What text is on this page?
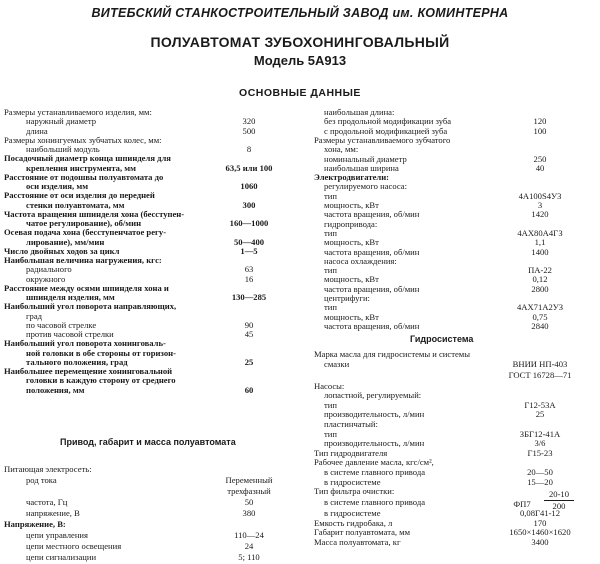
ВИТЕБСКИЙ СТАНКОСТРОИТЕЛЬНЫЙ ЗАВОД им. КОМИНТЕРНА
ПОЛУАВТОМАТ ЗУБОХОНИНГОВАЛЬНЫЙ
Модель 5А913
ОСНОВНЫЕ ДАННЫЕ
Размеры устанавливаемого изделия, мм:
наружный диаметр	320
длина	500
Размеры хонингуемых зубчатых колес, мм:
наибольший модуль	8
Посадочный диаметр конца шпинделя для
крепления инструмента, мм	63,5 или 100
Расстояние от подошвы полуавтомата до
оси изделия, мм	1060
Расстояние от оси изделия до передней
стенки полуавтомата, мм	300
Частота вращения шпинделя хона (бесступен-
чатое регулирование), об/мин	160—1000
Осевая подача хона (бесступенчатое регу-
лирование), мм/мин	50—400
Число двойных ходов за цикл	1—5
Наибольшая величина нагружения, кгс:
радиального	63
окружного	16
Расстояние между осями шпинделя хона и
шпинделя изделия, мм	130—285
Наибольший угол поворота направляющих,
град
по часовой стрелке	90
против часовой стрелки	45
Наибольший угол поворота хонинговаль-
ной головки в обе стороны от горизон-
тального положения, град	25
Наибольшее перемещение хонинговальной
головки в каждую сторону от среднего
положения, мм	60
Привод, габарит и масса полуавтомата
Питающая электросеть:
род тока	Переменный
трехфазный
частота, Гц	50
напряжение, В	380
Напряжение, В:
цепи управления	110—24
цепи местного освещения	24
цепи сигнализации	5; 110
наибольшая длина:
без продольной модификации зуба	120
с продольной модификацией зуба	100
Размеры устанавливаемого зубчатого
хона, мм:
номинальный диаметр	250
наибольшая ширина	40
Электродвигатели:
регулируемого насоса:
тип	4А100S4У3
мощность, кВт	3
частота вращения, об/мин	1420
гидропривода:
тип	4АХ80А4ГЗ
мощность, кВт	1,1
частота вращения, об/мин	1400
насоса охлаждения:
тип	ПА-22
мощность, кВт	0,12
частота вращения, об/мин	2800
центрифуги:
тип	4АХ71А2УЗ
мощность, кВт	0,75
частота вращения, об/мин	2840
Гидросистема
Марка масла для гидросистемы и системы
смазки	ВНИИ НП-403
ГОСТ 16728—71
Насосы:
лопастной, регулируемый:
тип	Г12-53А
производительность, л/мин	25
пластинчатый:
тип	ЗБГ12-41А
производительность, л/мин	3/6
Тип гидродвигателя	Г15-23
Рабочее давление масла, кгс/см²,
в системе главного привода	20—50
в гидросистеме	15—20
Тип фильтра очистки:
в системе главного привода	ФП7
20-10
200
в гидросистеме	0,08Г41-12
Емкость гидробака, л	170
Габарит полуавтомата, мм	1650×1460×1620
Масса полуавтомата, кг	3400
